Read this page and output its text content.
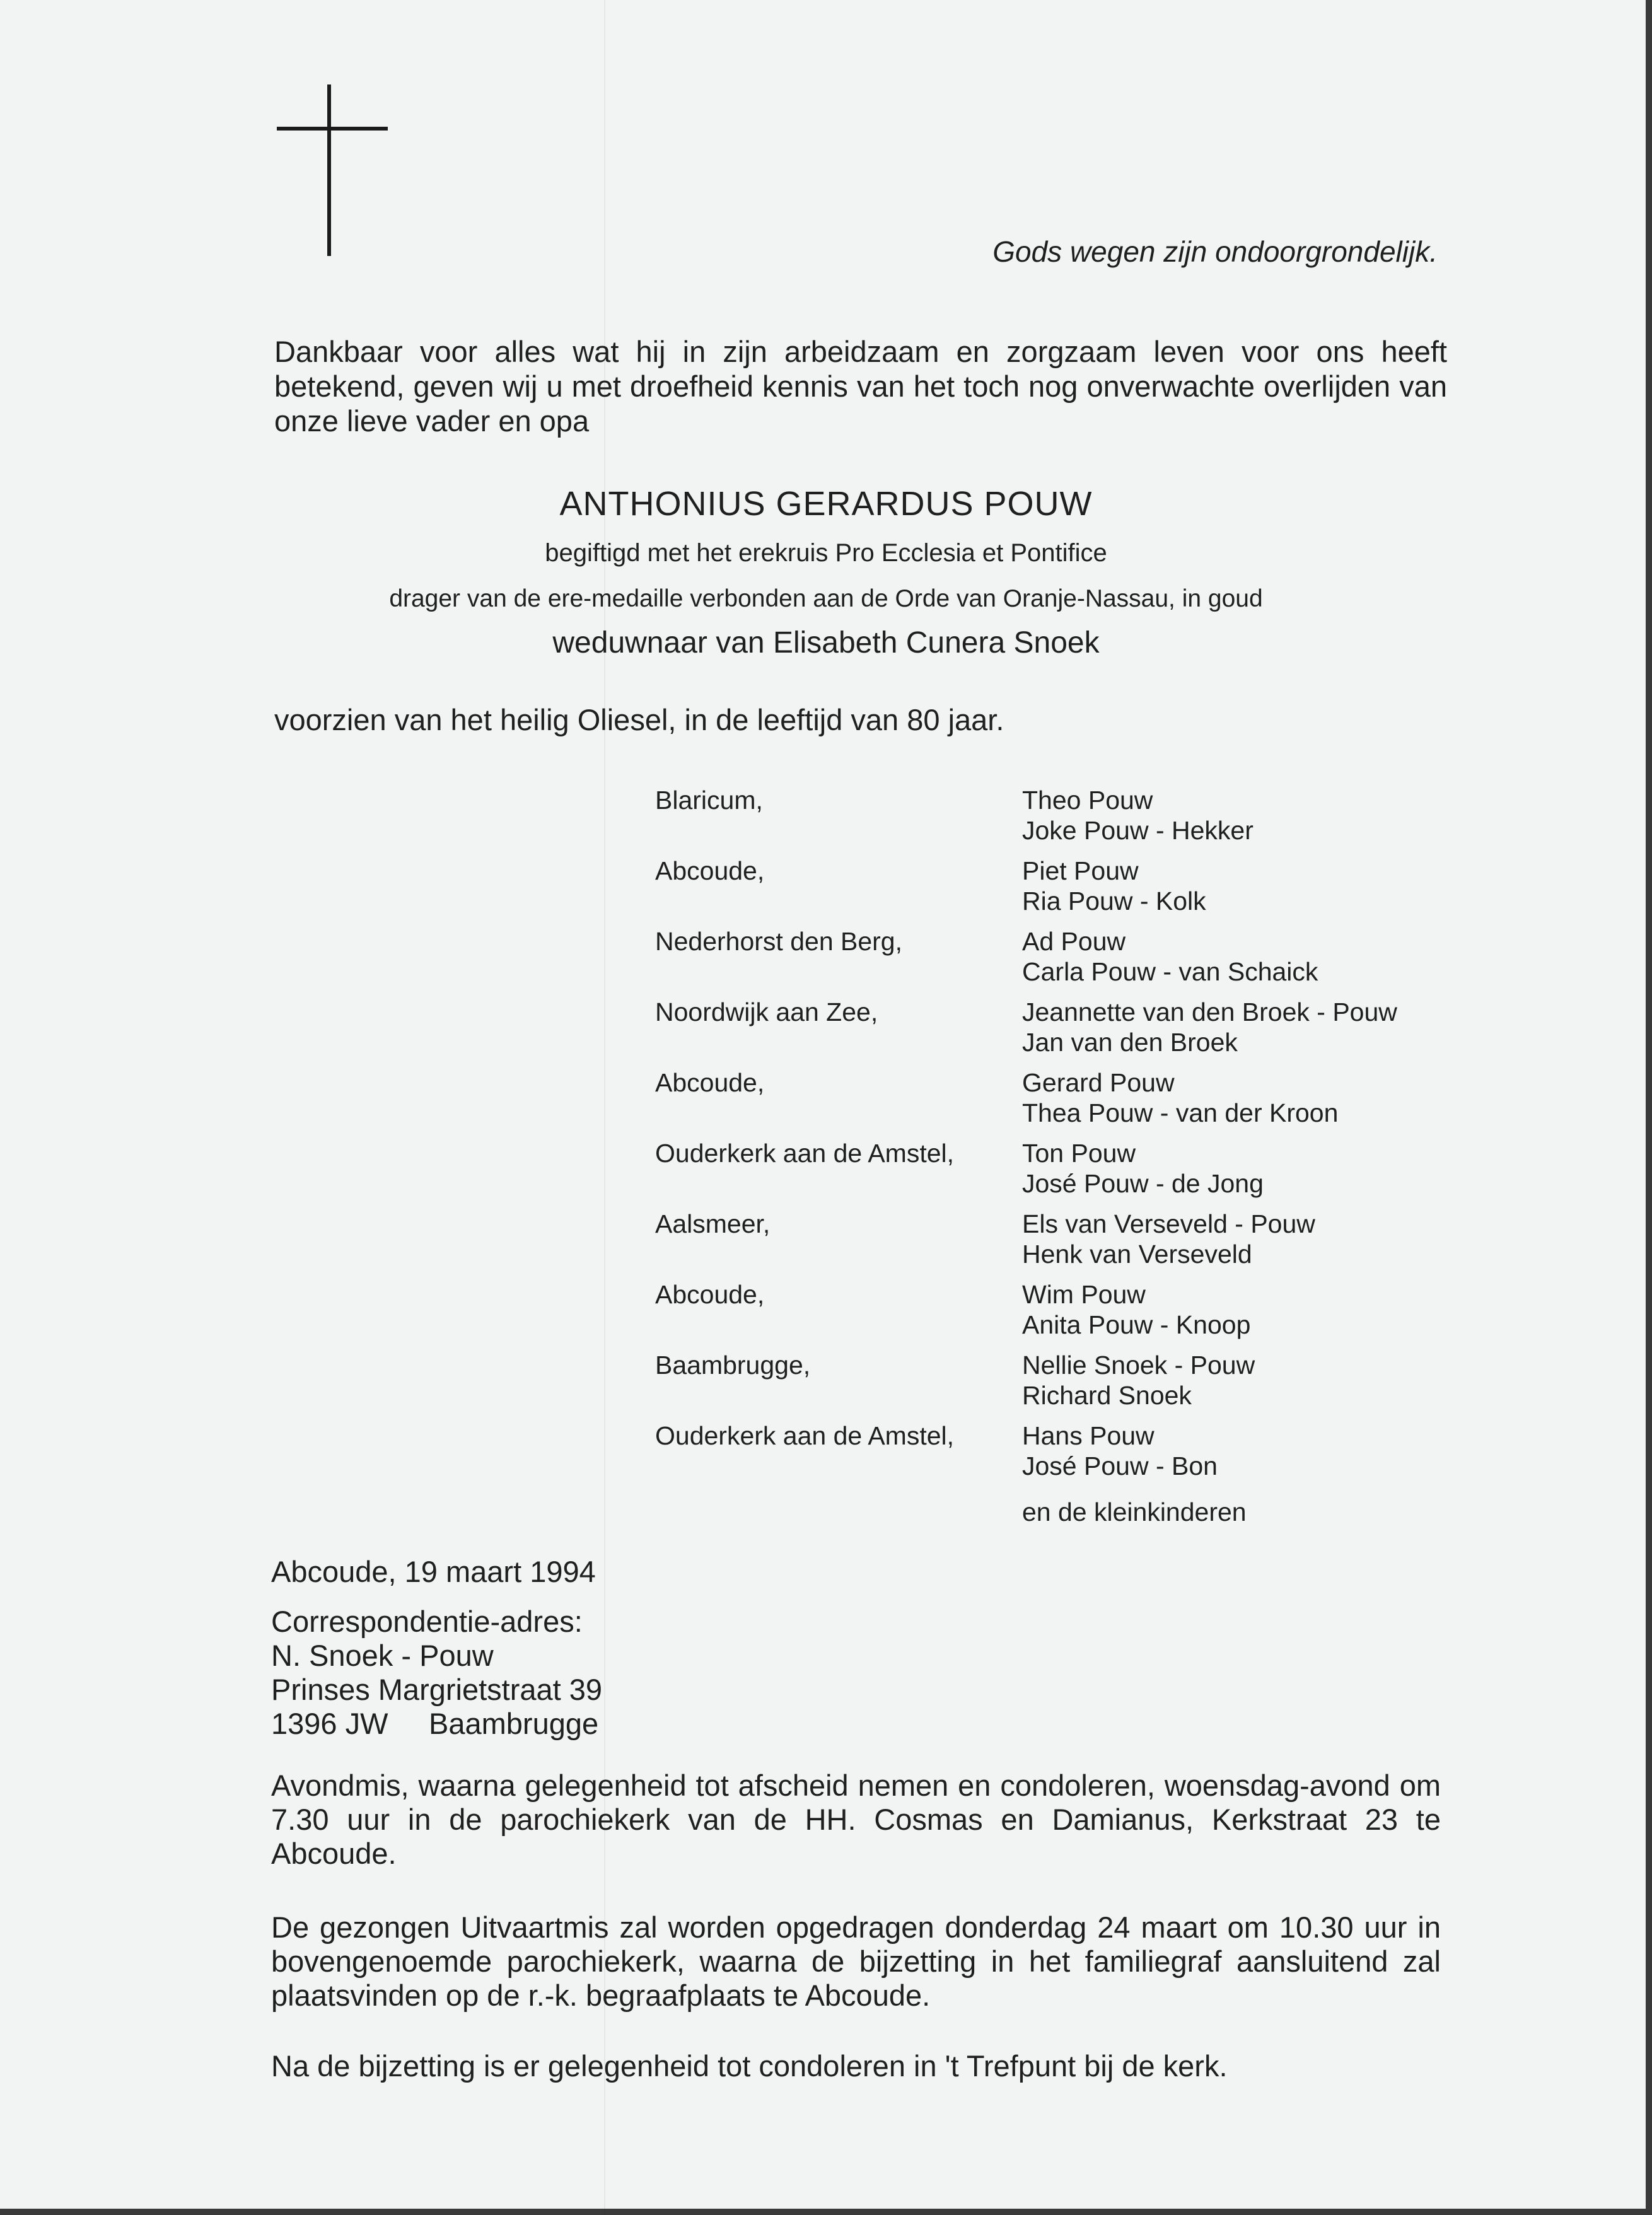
Gods wegen zijn ondoorgrondelijk.
Dankbaar voor alles wat hij in zijn arbeidzaam en zorgzaam leven voor ons heeft betekend, geven wij u met droefheid kennis van het toch nog onverwachte overlijden van onze lieve vader en opa
ANTHONIUS GERARDUS POUW
begiftigd met het erekruis Pro Ecclesia et Pontifice
drager van de ere-medaille verbonden aan de Orde van Oranje-Nassau, in goud
weduwnaar van Elisabeth Cunera Snoek
voorzien van het heilig Oliesel, in de leeftijd van 80 jaar.
Blaricum,	Theo Pouw
Joke Pouw - Hekker
Abcoude,	Piet Pouw
Ria Pouw - Kolk
Nederhorst den Berg,	Ad Pouw
Carla Pouw - van Schaick
Noordwijk aan Zee,	Jeannette van den Broek - Pouw
Jan van den Broek
Abcoude,	Gerard Pouw
Thea Pouw - van der Kroon
Ouderkerk aan de Amstel,	Ton Pouw
José Pouw - de Jong
Aalsmeer,	Els van Verseveld - Pouw
Henk van Verseveld
Abcoude,	Wim Pouw
Anita Pouw - Knoop
Baambrugge,	Nellie Snoek - Pouw
Richard Snoek
Ouderkerk aan de Amstel,	Hans Pouw
José Pouw - Bon
en de kleinkinderen
Abcoude, 19 maart 1994
Correspondentie-adres:
N. Snoek - Pouw
Prinses Margrietstraat 39
1396 JW Baambrugge
Avondmis, waarna gelegenheid tot afscheid nemen en condoleren, woensdag-avond om 7.30 uur in de parochiekerk van de HH. Cosmas en Damianus, Kerkstraat 23 te Abcoude.
De gezongen Uitvaartmis zal worden opgedragen donderdag 24 maart om 10.30 uur in bovengenoemde parochiekerk, waarna de bijzetting in het familiegraf aansluitend zal plaatsvinden op de r.-k. begraafplaats te Abcoude.
Na de bijzetting is er gelegenheid tot condoleren in 't Trefpunt bij de kerk.
